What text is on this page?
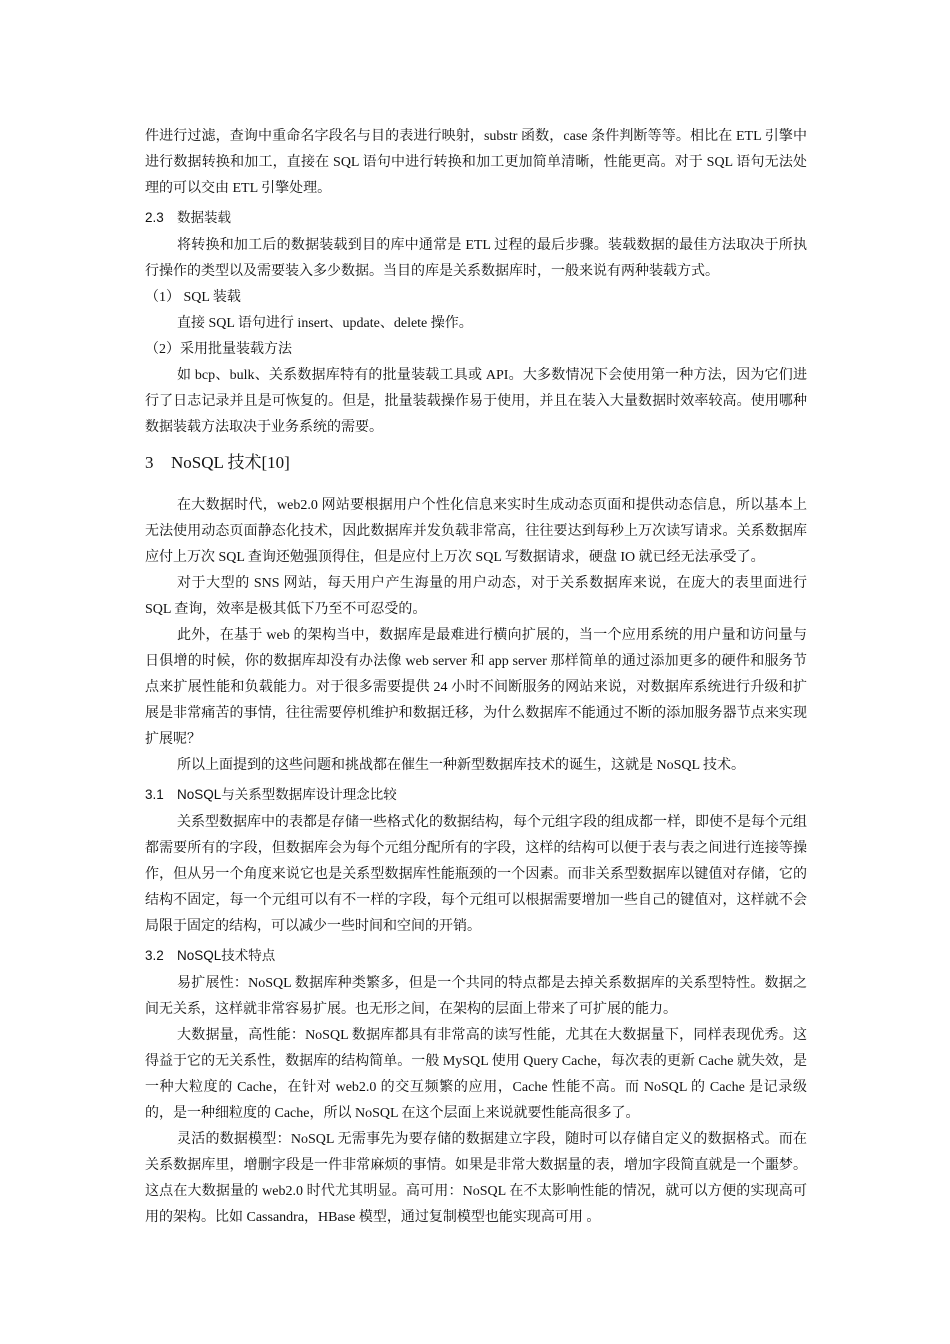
件进行过滤，查询中重命名字段名与目的表进行映射，substr 函数，case 条件判断等等。相比在 ETL 引擎中进行数据转换和加工，直接在 SQL 语句中进行转换和加工更加简单清晰，性能更高。对于 SQL 语句无法处理的可以交由 ETL 引擎处理。

2.3 数据装载

将转换和加工后的数据装载到目的库中通常是 ETL 过程的最后步骤。装载数据的最佳方法取决于所执行操作的类型以及需要装入多少数据。当目的库是关系数据库时，一般来说有两种装载方式。

（1） SQL 装载

直接 SQL 语句进行 insert、update、delete 操作。

（2）采用批量装载方法

如 bcp、bulk、关系数据库特有的批量装载工具或 API。大多数情况下会使用第一种方法，因为它们进行了日志记录并且是可恢复的。但是，批量装载操作易于使用，并且在装入大量数据时效率较高。使用哪种数据装载方法取决于业务系统的需要。

3 NoSQL 技术[10]

在大数据时代，web2.0 网站要根据用户个性化信息来实时生成动态页面和提供动态信息，所以基本上无法使用动态页面静态化技术，因此数据库并发负载非常高，往往要达到每秒上万次读写请求。关系数据库应付上万次 SQL 查询还勉强顶得住，但是应付上万次 SQL 写数据请求，硬盘 IO 就已经无法承受了。

对于大型的 SNS 网站，每天用户产生海量的用户动态，对于关系数据库来说，在庞大的表里面进行 SQL 查询，效率是极其低下乃至不可忍受的。

此外，在基于 web 的架构当中，数据库是最难进行横向扩展的，当一个应用系统的用户量和访问量与日俱增的时候，你的数据库却没有办法像 web server 和 app server 那样简单的通过添加更多的硬件和服务节点来扩展性能和负载能力。对于很多需要提供 24 小时不间断服务的网站来说，对数据库系统进行升级和扩展是非常痛苦的事情，往往需要停机维护和数据迁移，为什么数据库不能通过不断的添加服务器节点来实现扩展呢？

所以上面提到的这些问题和挑战都在催生一种新型数据库技术的诞生，这就是 NoSQL 技术。

3.1 NoSQL与关系型数据库设计理念比较

关系型数据库中的表都是存储一些格式化的数据结构，每个元组字段的组成都一样，即使不是每个元组都需要所有的字段，但数据库会为每个元组分配所有的字段，这样的结构可以便于表与表之间进行连接等操作，但从另一个角度来说它也是关系型数据库性能瓶颈的一个因素。而非关系型数据库以键值对存储，它的结构不固定，每一个元组可以有不一样的字段，每个元组可以根据需要增加一些自己的键值对，这样就不会局限于固定的结构，可以减少一些时间和空间的开销。

3.2 NoSQL技术特点

易扩展性：NoSQL 数据库种类繁多，但是一个共同的特点都是去掉关系数据库的关系型特性。数据之间无关系，这样就非常容易扩展。也无形之间，在架构的层面上带来了可扩展的能力。

大数据量，高性能：NoSQL 数据库都具有非常高的读写性能，尤其在大数据量下，同样表现优秀。这得益于它的无关系性，数据库的结构简单。一般 MySQL 使用 Query Cache，每次表的更新 Cache 就失效，是一种大粒度的 Cache，在针对 web2.0 的交互频繁的应用，Cache 性能不高。而 NoSQL 的 Cache 是记录级的，是一种细粒度的 Cache，所以 NoSQL 在这个层面上来说就要性能高很多了。

灵活的数据模型：NoSQL 无需事先为要存储的数据建立字段，随时可以存储自定义的数据格式。而在关系数据库里，增删字段是一件非常麻烦的事情。如果是非常大数据量的表，增加字段简直就是一个噩梦。这点在大数据量的 web2.0 时代尤其明显。高可用：NoSQL 在不太影响性能的情况，就可以方便的实现高可用的架构。比如 Cassandra，HBase 模型，通过复制模型也能实现高可用 。
